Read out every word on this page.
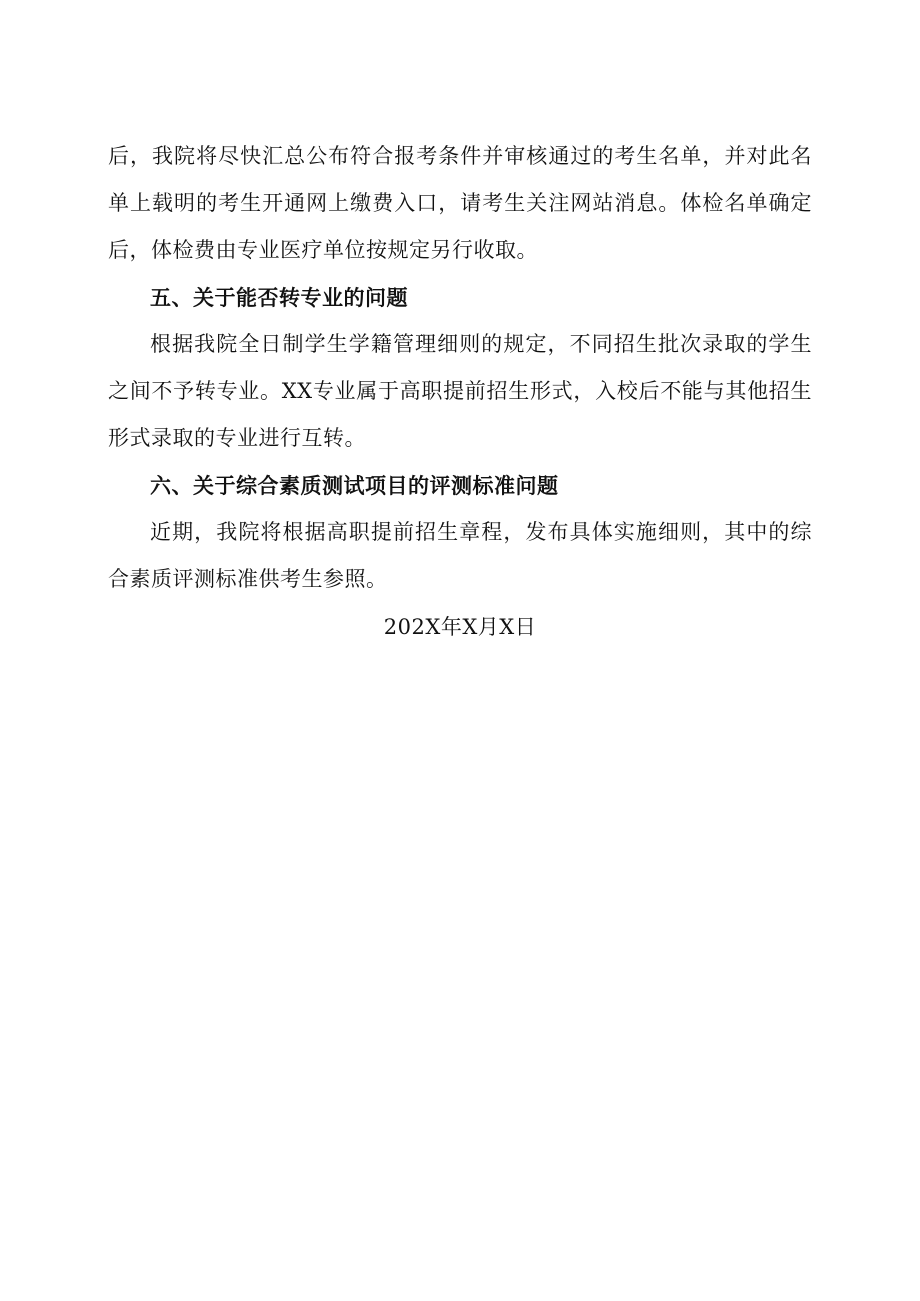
后，我院将尽快汇总公布符合报考条件并审核通过的考生名单，并对此名单上载明的考生开通网上缴费入口，请考生关注网站消息。体检名单确定后，体检费由专业医疗单位按规定另行收取。

五、关于能否转专业的问题

根据我院全日制学生学籍管理细则的规定，不同招生批次录取的学生之间不予转专业。XX专业属于高职提前招生形式，入校后不能与其他招生形式录取的专业进行互转。

六、关于综合素质测试项目的评测标准问题

近期，我院将根据高职提前招生章程，发布具体实施细则，其中的综合素质评测标准供考生参照。

202X年X月X日
